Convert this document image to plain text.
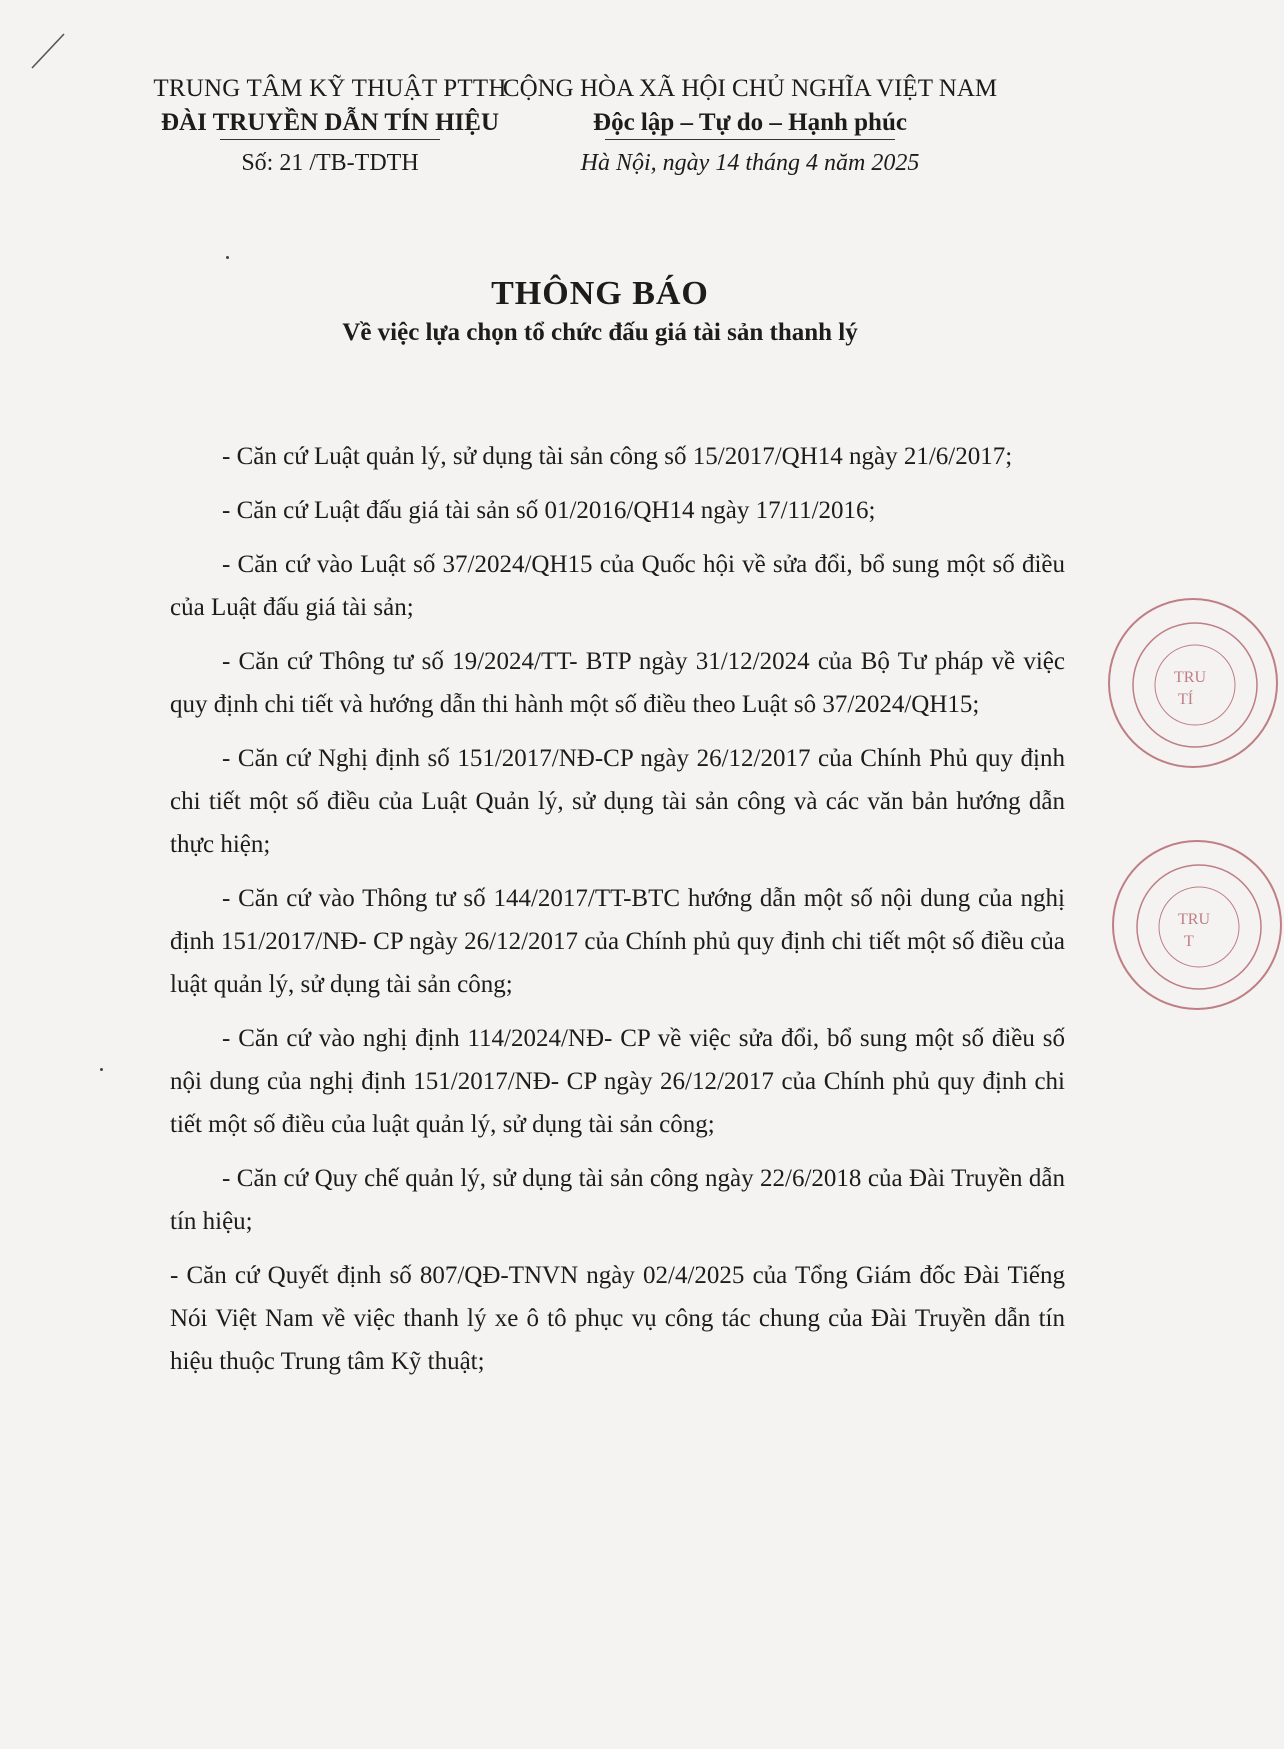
TRUNG TÂM KỸ THUẬT PTTH
ĐÀI TRUYỀN DẪN TÍN HIỆU
Số: 21 /TB-TDTH
CỘNG HÒA XÃ HỘI CHỦ NGHĨA VIỆT NAM
Độc lập – Tự do – Hạnh phúc
Hà Nội, ngày 14 tháng 4 năm 2025
THÔNG BÁO
Về việc lựa chọn tổ chức đấu giá tài sản thanh lý

- Căn cứ Luật quản lý, sử dụng tài sản công số 15/2017/QH14 ngày 21/6/2017;

- Căn cứ Luật đấu giá tài sản số 01/2016/QH14 ngày 17/11/2016;

- Căn cứ vào Luật số 37/2024/QH15 của Quốc hội về sửa đổi, bổ sung một số điều của Luật đấu giá tài sản;

- Căn cứ Thông tư số 19/2024/TT- BTP ngày 31/12/2024 của Bộ Tư pháp về việc quy định chi tiết và hướng dẫn thi hành một số điều theo Luật sô 37/2024/QH15;

- Căn cứ Nghị định số 151/2017/NĐ-CP ngày 26/12/2017 của Chính Phủ quy định chi tiết một số điều của Luật Quản lý, sử dụng tài sản công và các văn bản hướng dẫn thực hiện;

- Căn cứ vào Thông tư số 144/2017/TT-BTC hướng dẫn một số nội dung của nghị định 151/2017/NĐ- CP ngày 26/12/2017 của Chính phủ quy định chi tiết một số điều của luật quản lý, sử dụng tài sản công;

- Căn cứ vào nghị định 114/2024/NĐ- CP về việc sửa đổi, bổ sung một số điều số nội dung của nghị định 151/2017/NĐ- CP ngày 26/12/2017 của Chính phủ quy định chi tiết một số điều của luật quản lý, sử dụng tài sản công;

- Căn cứ Quy chế quản lý, sử dụng tài sản công ngày 22/6/2018 của Đài Truyền dẫn tín hiệu;

- Căn cứ Quyết định số 807/QĐ-TNVN ngày 02/4/2025 của Tổng Giám đốc Đài Tiếng Nói Việt Nam về việc thanh lý xe ô tô phục vụ công tác chung của Đài Truyền dẫn tín hiệu thuộc Trung tâm Kỹ thuật;

TRU
TÍ
TRU
T
